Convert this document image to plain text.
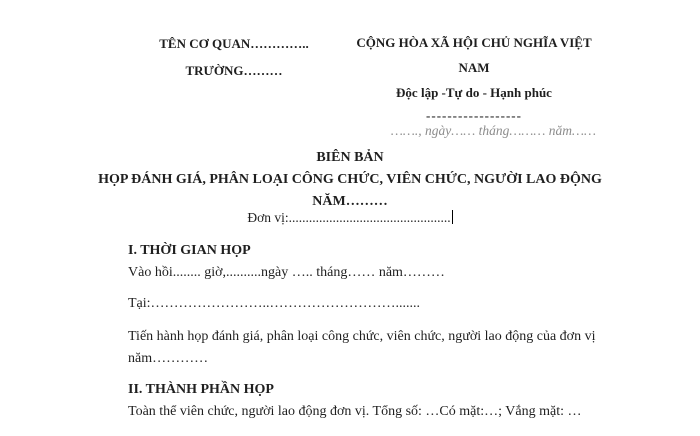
TÊN CƠ QUAN…………..
TRƯỜNG………
CỘNG HÒA XÃ HỘI CHỦ NGHĨA VIỆT
NAM
Độc lập -Tự do - Hạnh phúc
------------------
……., ngày…… tháng……… năm……
BIÊN BẢN
HỌP ĐÁNH GIÁ, PHÂN LOẠI CÔNG CHỨC, VIÊN CHỨC, NGƯỜI LAO ĐỘNG
NĂM………
Đơn vị:................................................

I. THỜI GIAN HỌP

Vào hồi........ giờ,..........ngày ….. tháng…… năm………

Tại:……………………..……………………….......

Tiến hành họp đánh giá, phân loại công chức, viên chức, người lao động của đơn vị năm…………

II. THÀNH PHẦN HỌP

Toàn thể viên chức, người lao động đơn vị. Tổng số: …Có mặt:…; Vắng mặt: …
